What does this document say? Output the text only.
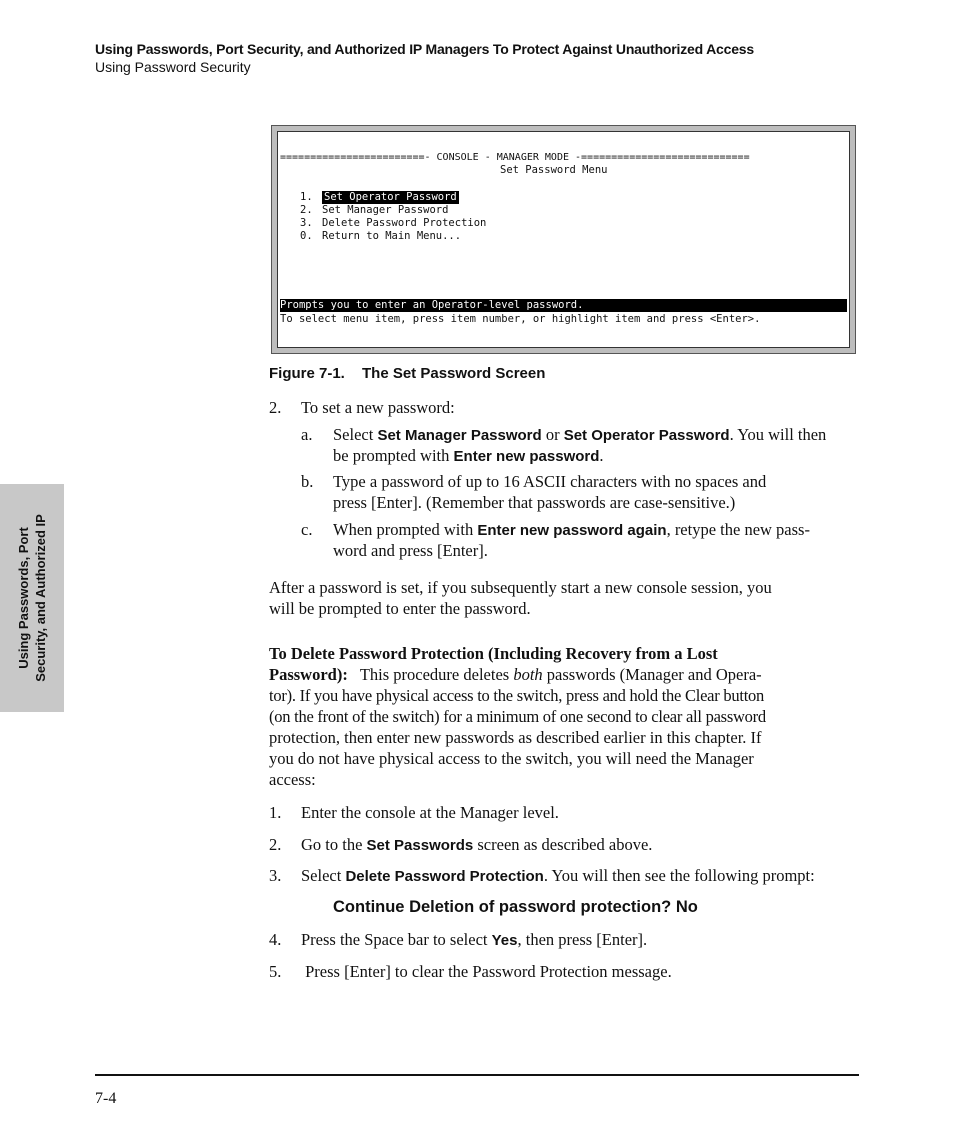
Using Passwords, Port Security, and Authorized IP Managers To Protect Against Unauthorized Access
Using Password Security
Using Passwords, Port Security, and Authorized IP
========================- CONSOLE - MANAGER MODE -============================
Set Password Menu
1. Set Operator Password
2. Set Manager Password
3. Delete Password Protection
0. Return to Main Menu...
Prompts you to enter an Operator-level password.
To select menu item, press item number, or highlight item and press <Enter>.
Figure 7-1. The Set Password Screen
2. To set a new password:
a. Select Set Manager Password or Set Operator Password. You will then
be prompted with Enter new password.
b. Type a password of up to 16 ASCII characters with no spaces and
press [Enter]. (Remember that passwords are case-sensitive.)
c. When prompted with Enter new password again, retype the new pass-
word and press [Enter].
After a password is set, if you subsequently start a new console session, you
will be prompted to enter the password.
To Delete Password Protection (Including Recovery from a Lost
Password): This procedure deletes both passwords (Manager and Opera-
tor). If you have physical access to the switch, press and hold the Clear button
(on the front of the switch) for a minimum of one second to clear all password
protection, then enter new passwords as described earlier in this chapter. If
you do not have physical access to the switch, you will need the Manager
access:
1. Enter the console at the Manager level.
2. Go to the Set Passwords screen as described above.
3. Select Delete Password Protection. You will then see the following prompt:
Continue Deletion of password protection? No
4. Press the Space bar to select Yes, then press [Enter].
5. Press [Enter] to clear the Password Protection message.
7-4
